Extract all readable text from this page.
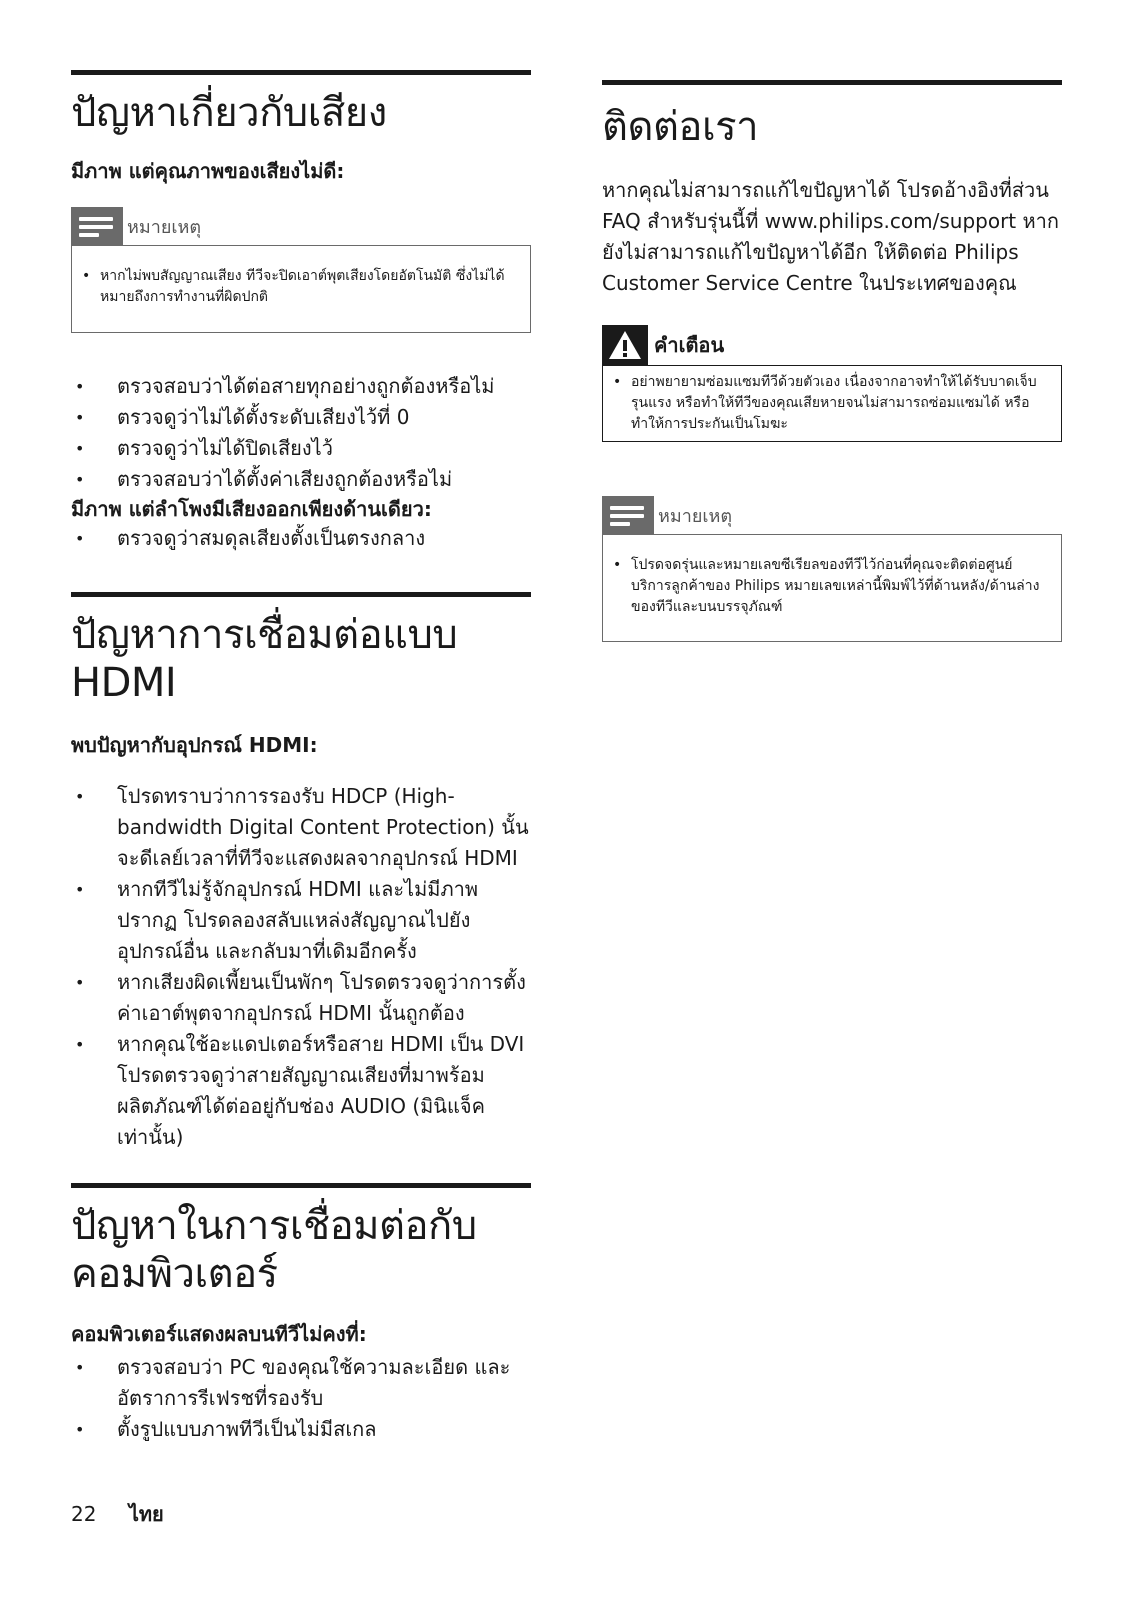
ปัญหาเกี่ยวกับเสียง
มีภาพ แต่คุณภาพของเสียงไม่ดี:
หมายเหตุ
• หากไม่พบสัญญาณเสียง ทีวีจะปิดเอาต์พุตเสียงโดยอัตโนมัติ ซึ่งไม่ได้หมายถึงการทำงานที่ผิดปกติ
• ตรวจสอบว่าได้ต่อสายทุกอย่างถูกต้องหรือไม่
• ตรวจดูว่าไม่ได้ตั้งระดับเสียงไว้ที่ 0
• ตรวจดูว่าไม่ได้ปิดเสียงไว้
• ตรวจสอบว่าได้ตั้งค่าเสียงถูกต้องหรือไม่
มีภาพ แต่ลำโพงมีเสียงออกเพียงด้านเดียว:
• ตรวจดูว่าสมดุลเสียงตั้งเป็นตรงกลาง
ปัญหาการเชื่อมต่อแบบ HDMI
พบปัญหากับอุปกรณ์ HDMI:
• โปรดทราบว่าการรองรับ HDCP (High-bandwidth Digital Content Protection) นั้นจะดีเลย์เวลาที่ทีวีจะแสดงผลจากอุปกรณ์ HDMI
• หากทีวีไม่รู้จักอุปกรณ์ HDMI และไม่มีภาพปรากฏ โปรดลองสลับแหล่งสัญญาณไปยังอุปกรณ์อื่น และกลับมาที่เดิมอีกครั้ง
• หากเสียงผิดเพี้ยนเป็นพักๆ โปรดตรวจดูว่าการตั้งค่าเอาต์พุตจากอุปกรณ์ HDMI นั้นถูกต้อง
• หากคุณใช้อะแดปเตอร์หรือสาย HDMI เป็น DVI โปรดตรวจดูว่าสายสัญญาณเสียงที่มาพร้อมผลิตภัณฑ์ได้ต่ออยู่กับช่อง AUDIO (มินิแจ็คเท่านั้น)
ปัญหาในการเชื่อมต่อกับ
คอมพิวเตอร์
คอมพิวเตอร์แสดงผลบนทีวีไม่คงที่:
• ตรวจสอบว่า PC ของคุณใช้ความละเอียด และอัตราการรีเฟรชที่รองรับ
• ตั้งรูปแบบภาพทีวีเป็นไม่มีสเกล
ติดต่อเรา

หากคุณไม่สามารถแก้ไขปัญหาได้ โปรดอ้างอิงที่ส่วน FAQ สำหรับรุ่นนี้ที่ www.philips.com/support หากยังไม่สามารถแก้ไขปัญหาได้อีก ให้ติดต่อ Philips Customer Service Centre ในประเทศของคุณ

คำเตือน
• อย่าพยายามซ่อมแซมทีวีด้วยตัวเอง เนื่องจากอาจทำให้ได้รับบาดเจ็บรุนแรง หรือทำให้ทีวีของคุณเสียหายจนไม่สามารถซ่อมแซมได้ หรือทำให้การประกันเป็นโมฆะ
หมายเหตุ
• โปรดจดรุ่นและหมายเลขซีเรียลของทีวีไว้ก่อนที่คุณจะติดต่อศูนย์บริการลูกค้าของ Philips หมายเลขเหล่านี้พิมพ์ไว้ที่ด้านหลัง/ด้านล่างของทีวีและบนบรรจุภัณฑ์
22 ไทย
